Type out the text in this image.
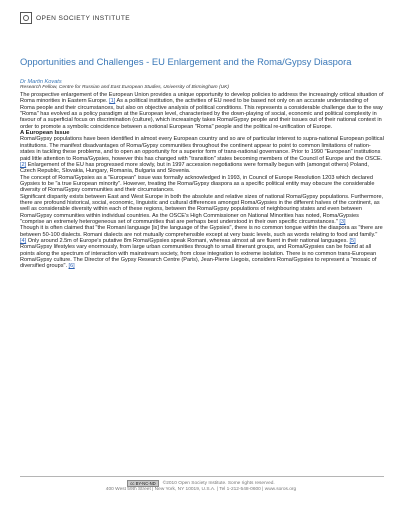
OPEN SOCIETY INSTITUTE
Opportunities and Challenges - EU Enlargement and the Roma/Gypsy Diaspora
Dr Martin Kovats
Research Fellow, Centre for Russian and East European Studies, University of Birmingham (UK)

The prospective enlargement of the European Union provides a unique opportunity to develop policies to address the increasingly critical situation of Roma minorities in Eastern Europe. [1] As a political institution, the activities of EU need to be based not only on an accurate understanding of Roma people and their circumstances, but also on objective analysis of political conditions. This represents a considerable challenge due to the way "Roma" has evolved as a policy paradigm at the European level, characterised by the down-playing of social, economic and political complexity in favour of a superficial focus on discrimination (culture), which increasingly takes Roma/Gypsy people and their issues out of their national context in order to promote a symbolic coincidence between a notional European "Roma" people and the political re-unification of Europe.

A European Issue

Roma/Gypsy populations have been identified in almost every European country and so are of particular interest to supra-national European political institutions. The manifest disadvantages of Roma/Gypsy communities throughout the continent appear to point to common limitations of nation-states in tackling these problems, and to open an opportunity for a superior form of trans-national governance. Prior to 1990 "European" institutions paid little attention to Roma/Gypsies, however this has changed with "transition" states becoming members of the Council of Europe and the OSCE. [2] Enlargement of the EU has progressed more slowly, but in 1997 accession negotiations were formally begun with (amongst others) Poland, Czech Republic, Slovakia, Hungary, Romania, Bulgaria and Slovenia.

The concept of Roma/Gypsies as a "European" issue was formally acknowledged in 1993, in Council of Europe Resolution 1203 which declared Gypsies to be "a true European minority". However, treating the Roma/Gypsy diaspora as a specific political entity may obscure the considerable diversity of Roma/Gypsy communities and their circumstances.

Significant disparity exists between East and West Europe in both the absolute and relative sizes of national Roma/Gypsy populations. Furthermore, there are profound historical, social, economic, linguistic and cultural differences amongst Roma/Gypsies in the different halves of the continent, as well as considerable diversity within each of these regions, between the Roma/Gypsy populations of neighbouring states and even between Roma/Gypsy communities within individual countries. As the OSCE's High Commissioner on National Minorities has noted, Roma/Gypsies "comprise an extremely heterogeneous set of communities that are perhaps best understood in their own specific circumstances." [3]

Though it is often claimed that "the Romani language [is] the language of the Gypsies", there is no common tongue within the diaspora as "there are between 50-100 dialects. Romani dialects are not mutually comprehensible except at very basic levels, such as words relating to food and family." [4] Only around 2.5m of Europe's putative 8m Roma/Gypsies speak Romani, whereas almost all are fluent in their national languages. [5] Roma/Gypsy lifestyles vary enormously, from large urban communities through to small itinerant groups, and Roma/Gypsies can be found at all points along the spectrum of interaction with mainstream society, from close integration to extreme isolation. There is no common trans-European Roma/Gypsy culture. The Director of the Gypsy Research Centre (Paris), Jean-Pierre Liegois, considers Roma/Gypsies to represent a "mosaic of diversified groups". [6]

cc BY-NC-ND	©2010 Open Society Institute. Some rights reserved.
400 West 59th Street | New York, NY 10019, U.S.A. | Tel 1-212-548-0600 | www.soros.org
